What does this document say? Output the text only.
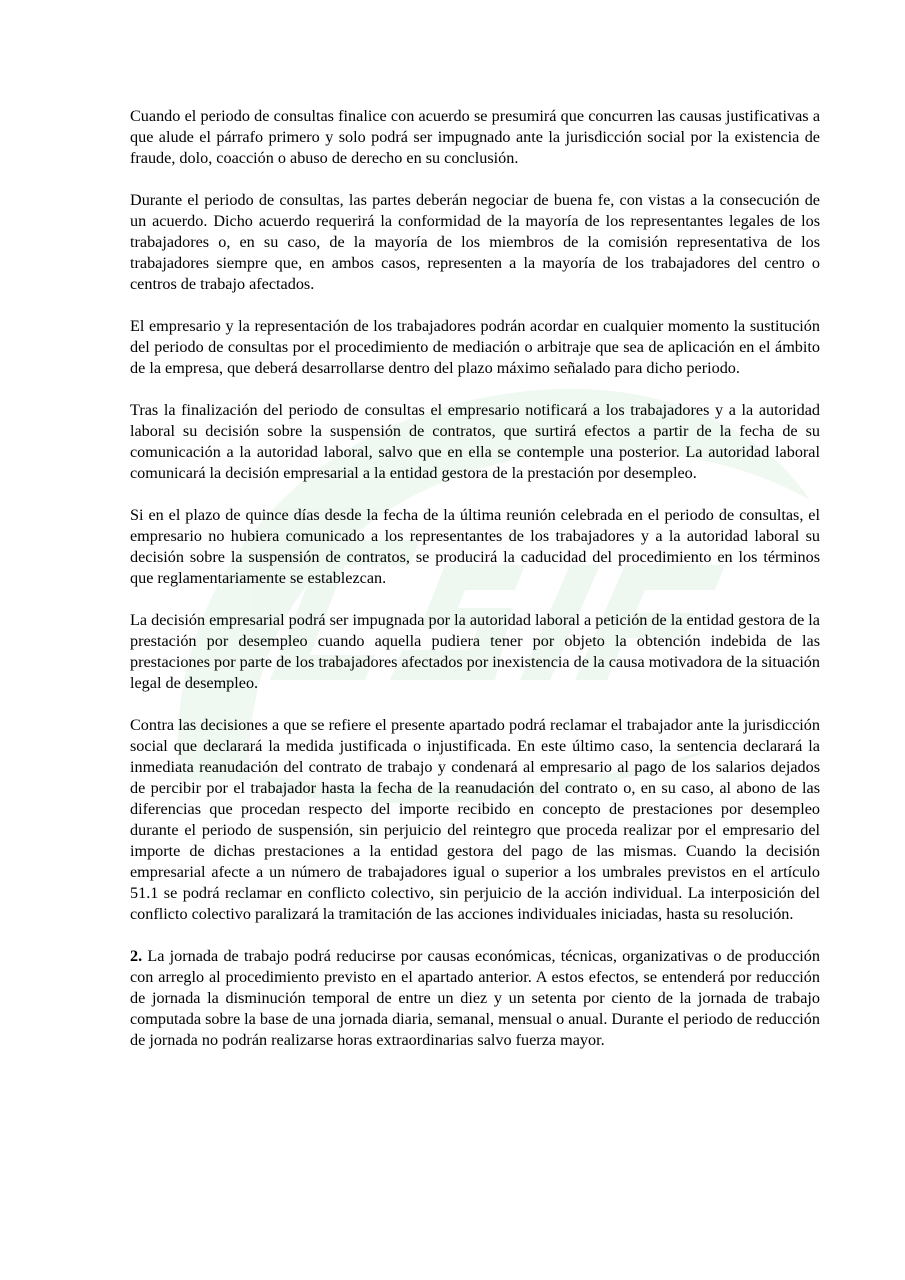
Cuando el periodo de consultas finalice con acuerdo se presumirá que concurren las causas justificativas a que alude el párrafo primero y solo podrá ser impugnado ante la jurisdicción social por la existencia de fraude, dolo, coacción o abuso de derecho en su conclusión.

Durante el periodo de consultas, las partes deberán negociar de buena fe, con vistas a la consecución de un acuerdo. Dicho acuerdo requerirá la conformidad de la mayoría de los representantes legales de los trabajadores o, en su caso, de la mayoría de los miembros de la comisión representativa de los trabajadores siempre que, en ambos casos, representen a la mayoría de los trabajadores del centro o centros de trabajo afectados.

El empresario y la representación de los trabajadores podrán acordar en cualquier momento la sustitución del periodo de consultas por el procedimiento de mediación o arbitraje que sea de aplicación en el ámbito de la empresa, que deberá desarrollarse dentro del plazo máximo señalado para dicho periodo.

Tras la finalización del periodo de consultas el empresario notificará a los trabajadores y a la autoridad laboral su decisión sobre la suspensión de contratos, que surtirá efectos a partir de la fecha de su comunicación a la autoridad laboral, salvo que en ella se contemple una posterior. La autoridad laboral comunicará la decisión empresarial a la entidad gestora de la prestación por desempleo.

Si en el plazo de quince días desde la fecha de la última reunión celebrada en el periodo de consultas, el empresario no hubiera comunicado a los representantes de los trabajadores y a la autoridad laboral su decisión sobre la suspensión de contratos, se producirá la caducidad del procedimiento en los términos que reglamentariamente se establezcan.

La decisión empresarial podrá ser impugnada por la autoridad laboral a petición de la entidad gestora de la prestación por desempleo cuando aquella pudiera tener por objeto la obtención indebida de las prestaciones por parte de los trabajadores afectados por inexistencia de la causa motivadora de la situación legal de desempleo.

Contra las decisiones a que se refiere el presente apartado podrá reclamar el trabajador ante la jurisdicción social que declarará la medida justificada o injustificada. En este último caso, la sentencia declarará la inmediata reanudación del contrato de trabajo y condenará al empresario al pago de los salarios dejados de percibir por el trabajador hasta la fecha de la reanudación del contrato o, en su caso, al abono de las diferencias que procedan respecto del importe recibido en concepto de prestaciones por desempleo durante el periodo de suspensión, sin perjuicio del reintegro que proceda realizar por el empresario del importe de dichas prestaciones a la entidad gestora del pago de las mismas. Cuando la decisión empresarial afecte a un número de trabajadores igual o superior a los umbrales previstos en el artículo 51.1 se podrá reclamar en conflicto colectivo, sin perjuicio de la acción individual. La interposición del conflicto colectivo paralizará la tramitación de las acciones individuales iniciadas, hasta su resolución.

2. La jornada de trabajo podrá reducirse por causas económicas, técnicas, organizativas o de producción con arreglo al procedimiento previsto en el apartado anterior. A estos efectos, se entenderá por reducción de jornada la disminución temporal de entre un diez y un setenta por ciento de la jornada de trabajo computada sobre la base de una jornada diaria, semanal, mensual o anual. Durante el periodo de reducción de jornada no podrán realizarse horas extraordinarias salvo fuerza mayor.
